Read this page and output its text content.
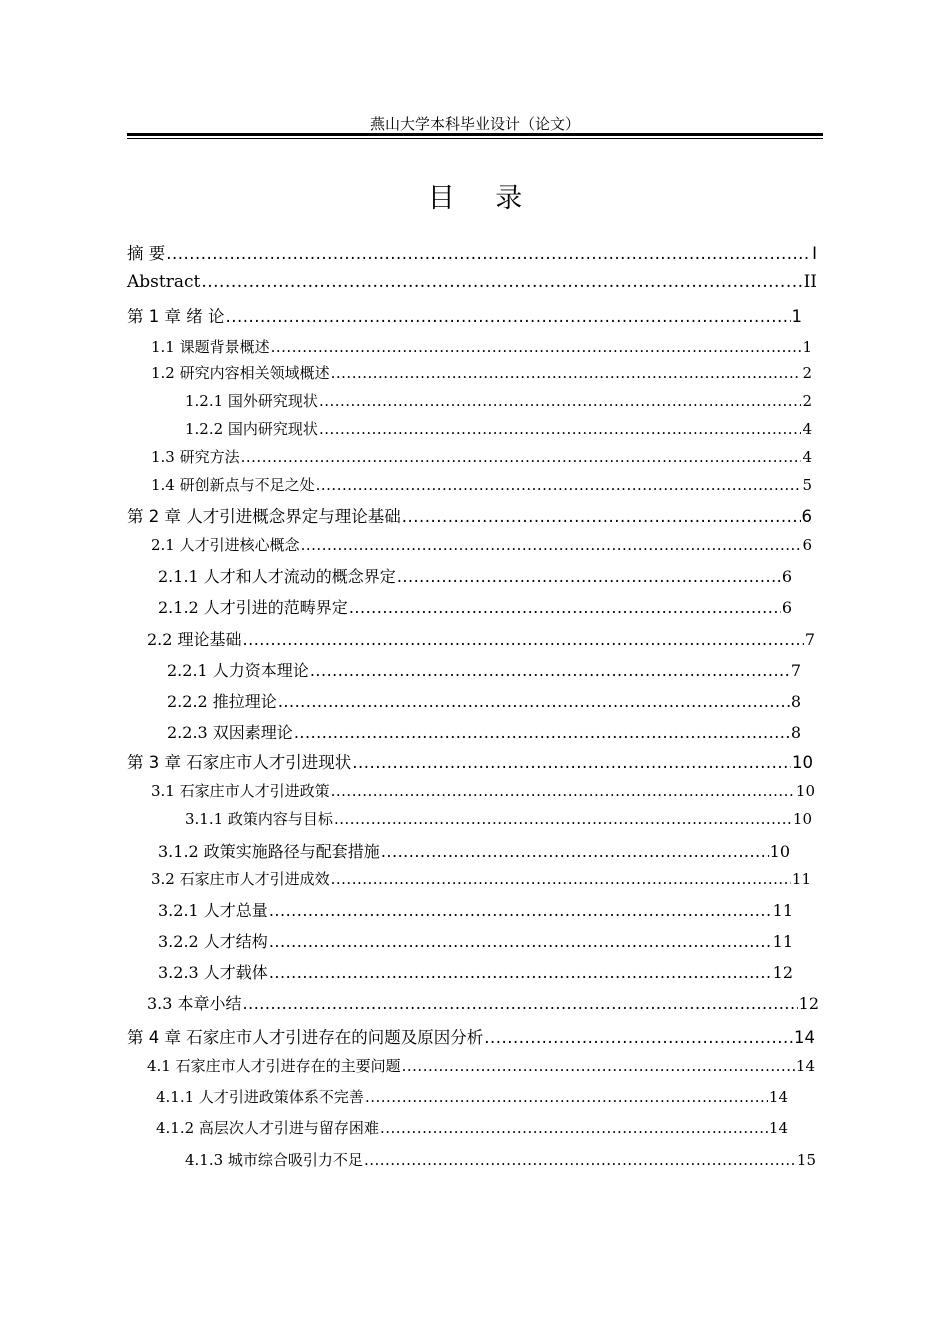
燕山大学本科毕业设计（论文）
目 录
摘 要 .....	I
Abstract .....	II
第 1 章 绪 论 .....	1
1.1 课题背景概述 .....	1
1.2 研究内容相关领域概述 .....	2
1.2.1 国外研究现状 .....	2
1.2.2 国内研究现状 .....	4
1.3 研究方法 .....	4
1.4 研创新点与不足之处 .....	5
第 2 章 人才引进概念界定与理论基础 .....	6
2.1 人才引进核心概念 .....	6
2.1.1 人才和人才流动的概念界定 .....	6
2.1.2 人才引进的范畴界定 .....	6
2.2 理论基础 .....	7
2.2.1 人力资本理论 .....	7
2.2.2 推拉理论 .....	8
2.2.3 双因素理论 .....	8
第 3 章 石家庄市人才引进现状 .....	10
3.1 石家庄市人才引进政策 .....	10
3.1.1 政策内容与目标 .....	10
3.1.2 政策实施路径与配套措施 .....	10
3.2 石家庄市人才引进成效 .....	11
3.2.1 人才总量 .....	11
3.2.2 人才结构 .....	11
3.2.3 人才载体 .....	12
3.3 本章小结 .....	12
第 4 章 石家庄市人才引进存在的问题及原因分析 .....	14
4.1 石家庄市人才引进存在的主要问题 .....	14
4.1.1 人才引进政策体系不完善 .....	14
4.1.2 高层次人才引进与留存困难 .....	14
4.1.3 城市综合吸引力不足 .....	15
